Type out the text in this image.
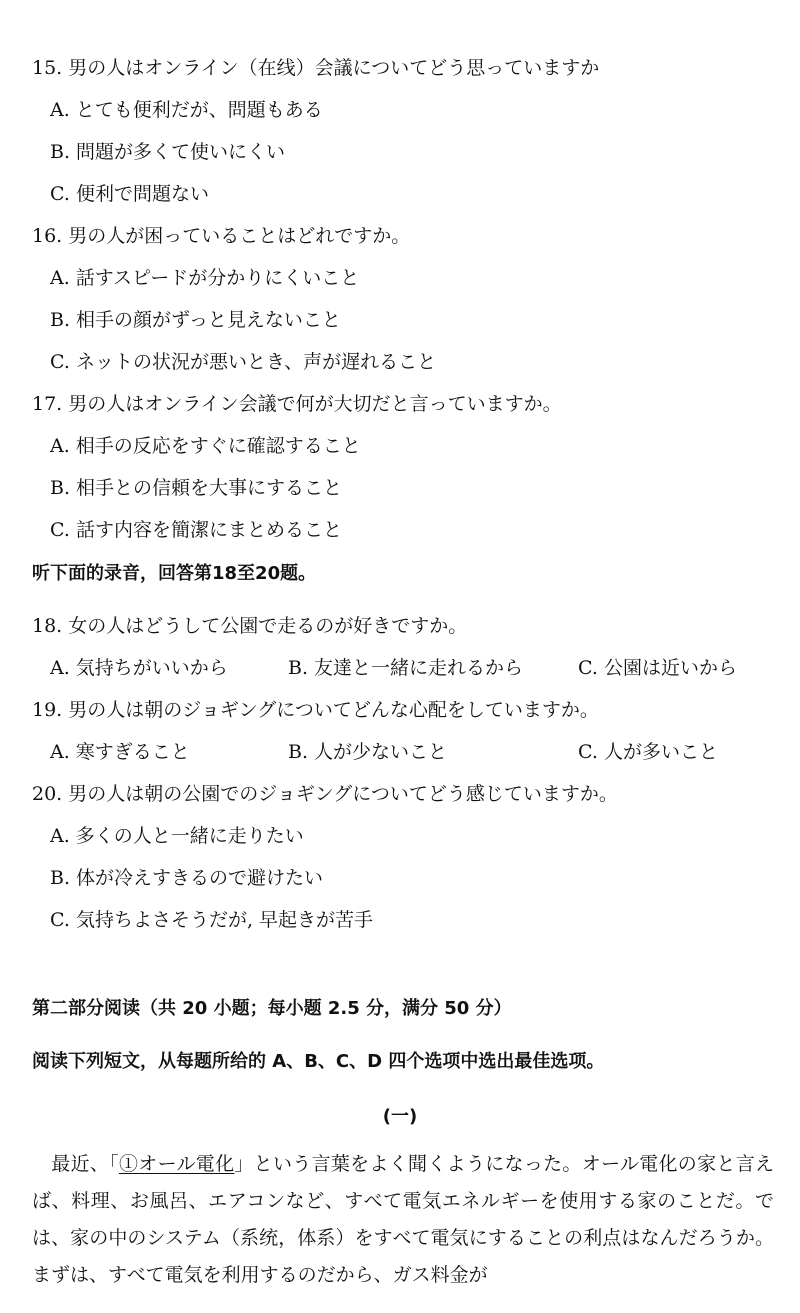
15. 男の人はオンライン（在线）会議についてどう思っていますか
A. とても便利だが、問題もある
B. 問題が多くて使いにくい
C. 便利で問題ない
16. 男の人が困っていることはどれですか。
A. 話すスピードが分かりにくいこと
B. 相手の顔がずっと見えないこと
C. ネットの状況が悪いとき、声が遅れること
17. 男の人はオンライン会議で何が大切だと言っていますか。
A. 相手の反応をすぐに確認すること
B. 相手との信頼を大事にすること
C. 話す内容を簡潔にまとめること
听下面的录音，回答第18至20题。
18. 女の人はどうして公園で走るのが好きですか。
A. 気持ちがいいから	B. 友達と一緒に走れるから	C. 公園は近いから
19. 男の人は朝のジョギングについてどんな心配をしていますか。
A. 寒すぎること	B. 人が少ないこと	C. 人が多いこと
20. 男の人は朝の公園でのジョギングについてどう感じていますか。
A. 多くの人と一緒に走りたい
B. 体が冷えすきるので避けたい
C. 気持ちよさそうだが, 早起きが苦手
第二部分阅读（共 20 小题；每小题 2.5 分，满分 50 分）
阅读下列短文，从每题所给的 A、B、C、D 四个选项中选出最佳选项。
(一)

　最近、「①オール電化」という言葉をよく聞くようになった。オール電化の家と言えば、料理、お風呂、エアコンなど、すべて電気エネルギーを使用する家のことだ。では、家の中のシステム（系统，体系）をすべて電気にすることの利点はなんだろうか。まずは、すべて電気を利用するのだから、ガス料金が
